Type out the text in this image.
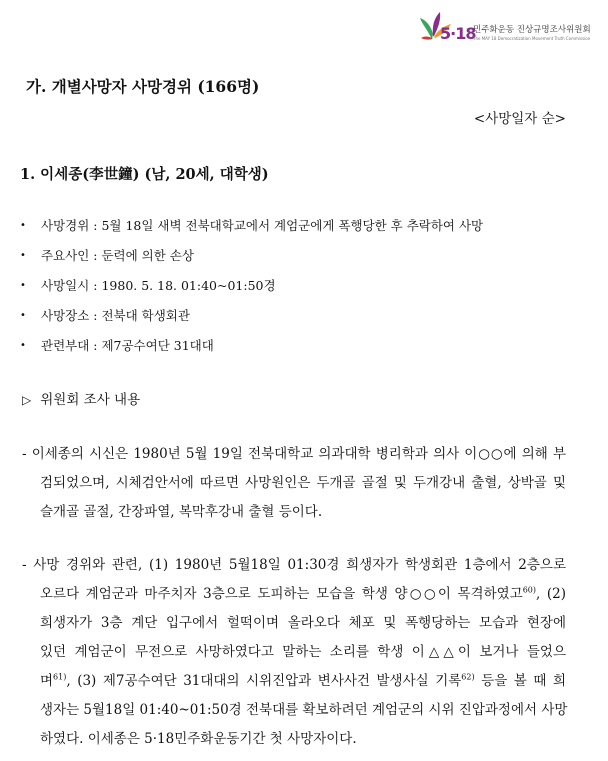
5·18
민주화운동 진상규명조사위원회
The MAY 18 Democratization Movement Truth Commission
가. 개별사망자 사망경위 (166명)
<사망일자 순>
1. 이세종(李世鐘) (남, 20세, 대학생)
•	사망경위 : 5월 18일 새벽 전북대학교에서 계엄군에게 폭행당한 후 추락하여 사망
•	주요사인 : 둔력에 의한 손상
•	사망일시 : 1980. 5. 18. 01:40~01:50경
•	사망장소 : 전북대 학생회관
•	관련부대 : 제7공수여단 31대대
▷ 위원회 조사 내용
- 이세종의 시신은 1980년 5월 19일 전북대학교 의과대학 병리학과 의사 이○○에 의해 부
검되었으며, 시체검안서에 따르면 사망원인은 두개골 골절 및 두개강내 출혈, 상박골 및
슬개골 골절, 간장파열, 복막후강내 출혈 등이다.
- 사망 경위와 관련, (1) 1980년 5월18일 01:30경 희생자가 학생회관 1층에서 2층으로
오르다 계엄군과 마주치자 3층으로 도피하는 모습을 학생 양○○이 목격하였고$^{60)}$, (2)
희생자가 3층 계단 입구에서 헐떡이며 올라오다 체포 및 폭행당하는 모습과 현장에
있던 계엄군이 무전으로 사망하였다고 말하는 소리를 학생 이△△이 보거나 들었으
며$^{61)}$, (3) 제7공수여단 31대대의 시위진압과 변사사건 발생사실 기록$^{62)}$ 등을 볼 때 희
생자는 5월18일 01:40~01:50경 전북대를 확보하려던 계엄군의 시위 진압과정에서 사망
하였다. 이세종은 5·18민주화운동기간 첫 사망자이다.
